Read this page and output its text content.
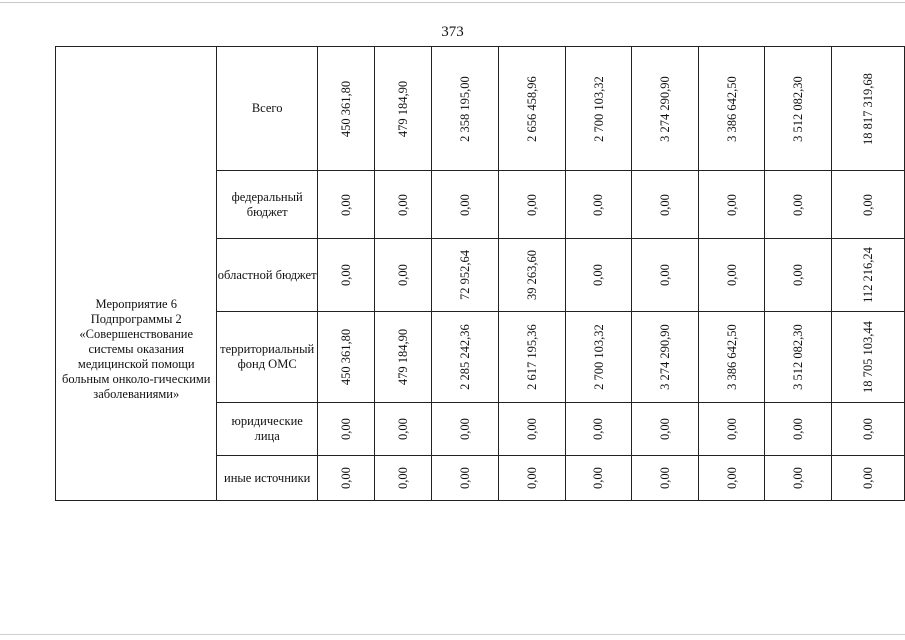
373
Мероприятие 6 Подпрограммы 2 «Совершенствование системы оказания медицинской помощи больным онколо-гическими заболеваниями»	Всего	450 361,80	479 184,90	2 358 195,00	2 656 458,96	2 700 103,32	3 274 290,90	3 386 642,50	3 512 082,30	18 817 319,68

	федеральный бюджет	0,00	0,00	0,00	0,00	0,00	0,00	0,00	0,00	0,00

	областной бюджет	0,00	0,00	72 952,64	39 263,60	0,00	0,00	0,00	0,00	112 216,24

	территориальный фонд ОМС	450 361,80	479 184,90	2 285 242,36	2 617 195,36	2 700 103,32	3 274 290,90	3 386 642,50	3 512 082,30	18 705 103,44

	юридические лица	0,00	0,00	0,00	0,00	0,00	0,00	0,00	0,00	0,00

	иные источники	0,00	0,00	0,00	0,00	0,00	0,00	0,00	0,00	0,00
